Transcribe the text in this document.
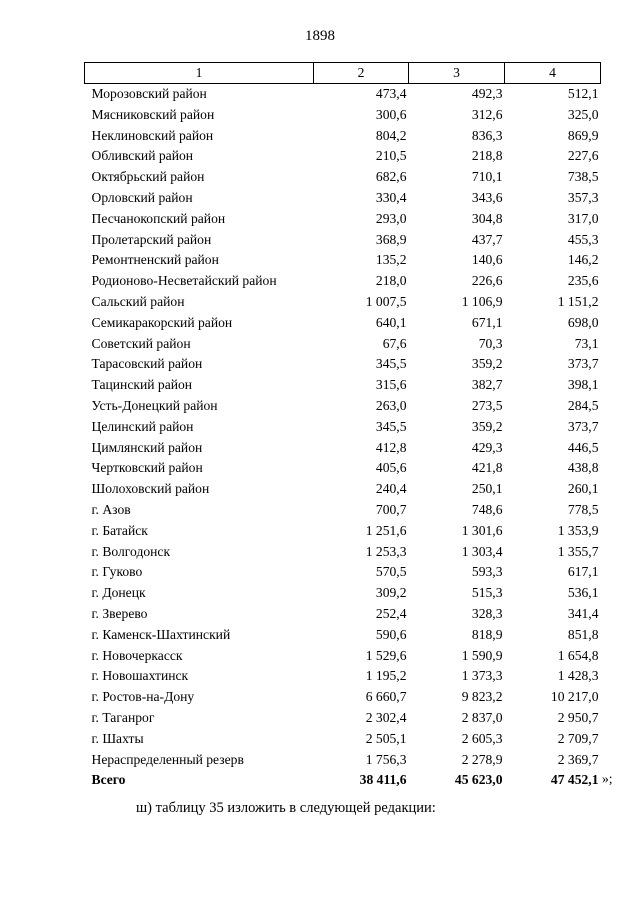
1898
1	2	3	4
Морозовский район	473,4	492,3	512,1
Мясниковский район	300,6	312,6	325,0
Неклиновский район	804,2	836,3	869,9
Обливский район	210,5	218,8	227,6
Октябрьский район	682,6	710,1	738,5
Орловский район	330,4	343,6	357,3
Песчанокопский район	293,0	304,8	317,0
Пролетарский район	368,9	437,7	455,3
Ремонтненский район	135,2	140,6	146,2
Родионово-Несветайский район	218,0	226,6	235,6
Сальский район	1 007,5	1 106,9	1 151,2
Семикаракорский район	640,1	671,1	698,0
Советский район	67,6	70,3	73,1
Тарасовский район	345,5	359,2	373,7
Тацинский район	315,6	382,7	398,1
Усть-Донецкий район	263,0	273,5	284,5
Целинский район	345,5	359,2	373,7
Цимлянский район	412,8	429,3	446,5
Чертковский район	405,6	421,8	438,8
Шолоховский район	240,4	250,1	260,1
г. Азов	700,7	748,6	778,5
г. Батайск	1 251,6	1 301,6	1 353,9
г. Волгодонск	1 253,3	1 303,4	1 355,7
г. Гуково	570,5	593,3	617,1
г. Донецк	309,2	515,3	536,1
г. Зверево	252,4	328,3	341,4
г. Каменск-Шахтинский	590,6	818,9	851,8
г. Новочеркасск	1 529,6	1 590,9	1 654,8
г. Новошахтинск	1 195,2	1 373,3	1 428,3
г. Ростов-на-Дону	6 660,7	9 823,2	10 217,0
г. Таганрог	2 302,4	2 837,0	2 950,7
г. Шахты	2 505,1	2 605,3	2 709,7
Нераспределенный резерв	1 756,3	2 278,9	2 369,7
Всего	38 411,6	45 623,0	47 452,1 »;
ш) таблицу 35 изложить в следующей редакции:
